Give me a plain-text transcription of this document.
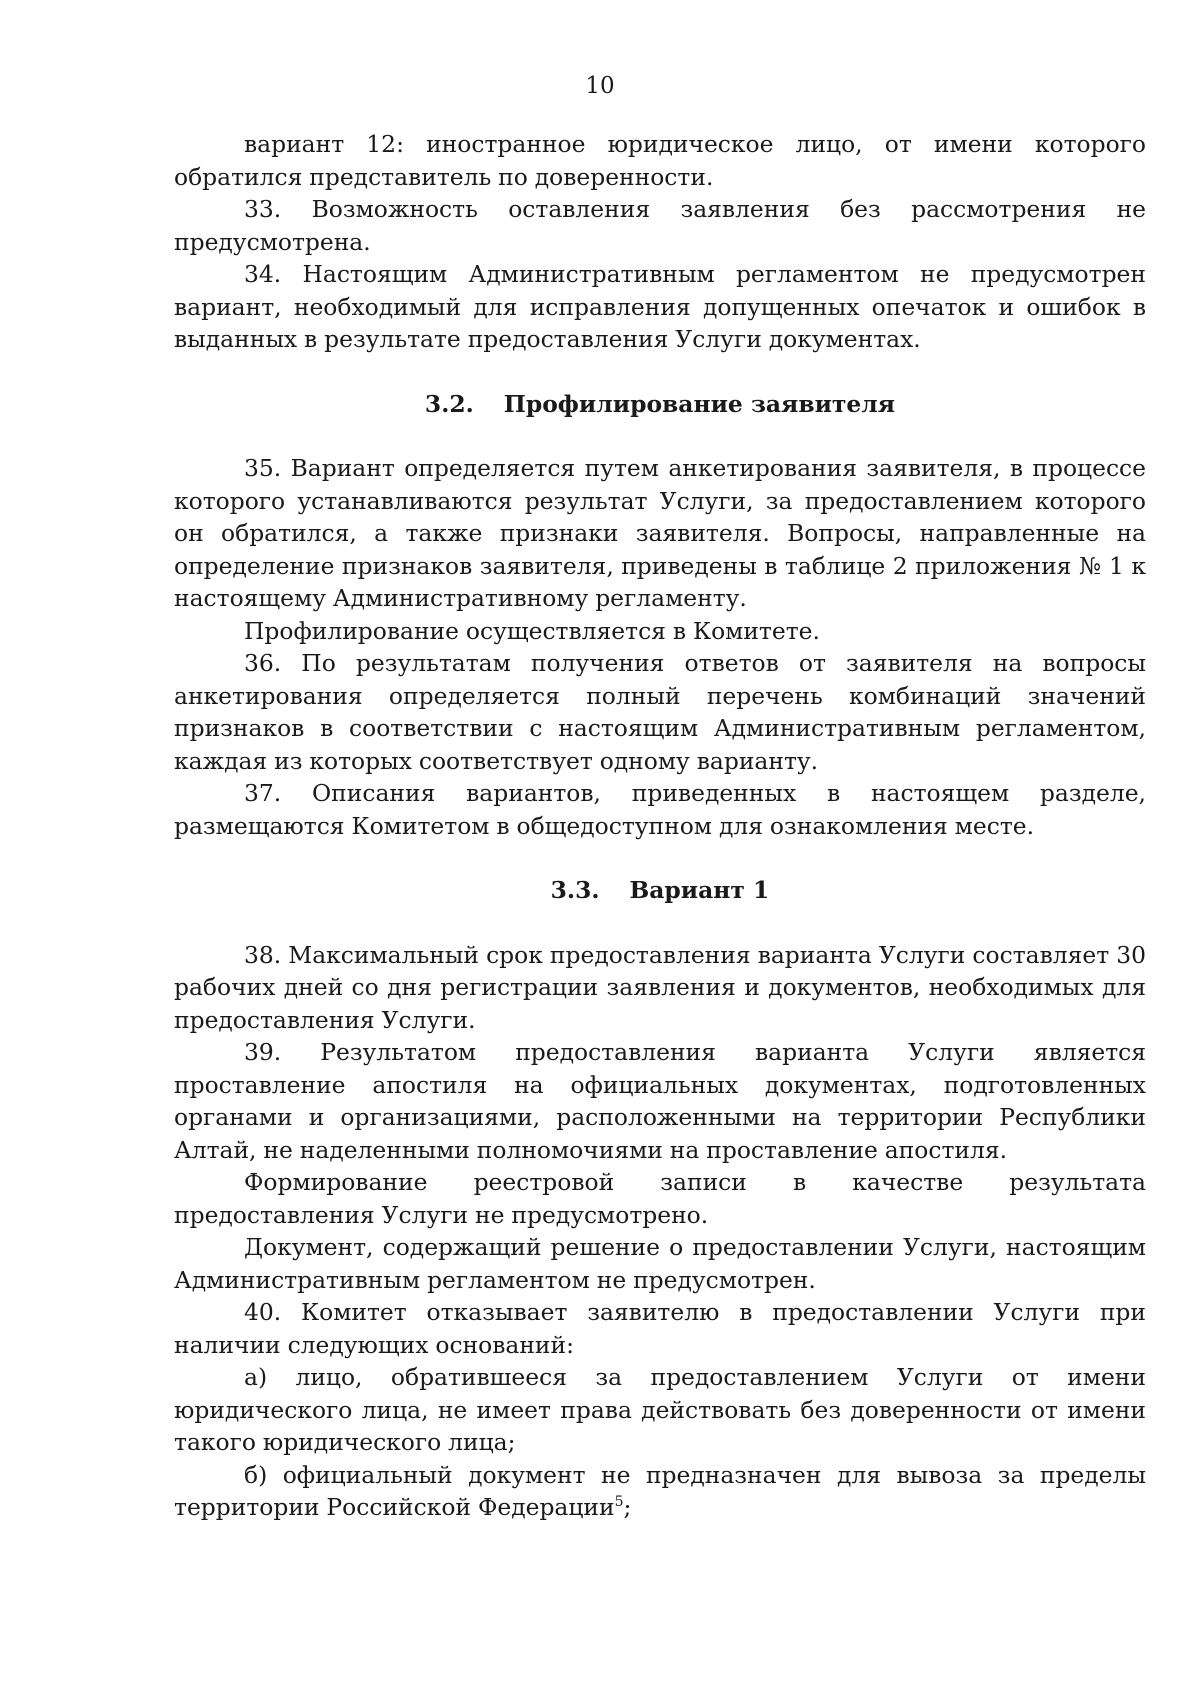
10

вариант 12: иностранное юридическое лицо, от имени которого обратился представитель по доверенности.

33. Возможность оставления заявления без рассмотрения не предусмотрена.

34. Настоящим Административным регламентом не предусмотрен вариант, необходимый для исправления допущенных опечаток и ошибок в выданных в результате предоставления Услуги документах.

3.2. Профилирование заявителя

35. Вариант определяется путем анкетирования заявителя, в процессе которого устанавливаются результат Услуги, за предоставлением которого он обратился, а также признаки заявителя. Вопросы, направленные на определение признаков заявителя, приведены в таблице 2 приложения № 1 к настоящему Административному регламенту.

Профилирование осуществляется в Комитете.

36. По результатам получения ответов от заявителя на вопросы анкетирования определяется полный перечень комбинаций значений признаков в соответствии с настоящим Административным регламентом, каждая из которых соответствует одному варианту.

37. Описания вариантов, приведенных в настоящем разделе, размещаются Комитетом в общедоступном для ознакомления месте.

3.3. Вариант 1

38. Максимальный срок предоставления варианта Услуги составляет 30 рабочих дней со дня регистрации заявления и документов, необходимых для предоставления Услуги.

39. Результатом предоставления варианта Услуги является проставление апостиля на официальных документах, подготовленных органами и организациями, расположенными на территории Республики Алтай, не наделенными полномочиями на проставление апостиля.

Формирование реестровой записи в качестве результата предоставления Услуги не предусмотрено.

Документ, содержащий решение о предоставлении Услуги, настоящим Административным регламентом не предусмотрен.

40. Комитет отказывает заявителю в предоставлении Услуги при наличии следующих оснований:

а) лицо, обратившееся за предоставлением Услуги от имени юридического лица, не имеет права действовать без доверенности от имени такого юридического лица;

б) официальный документ не предназначен для вывоза за пределы территории Российской Федерации$^5$;
